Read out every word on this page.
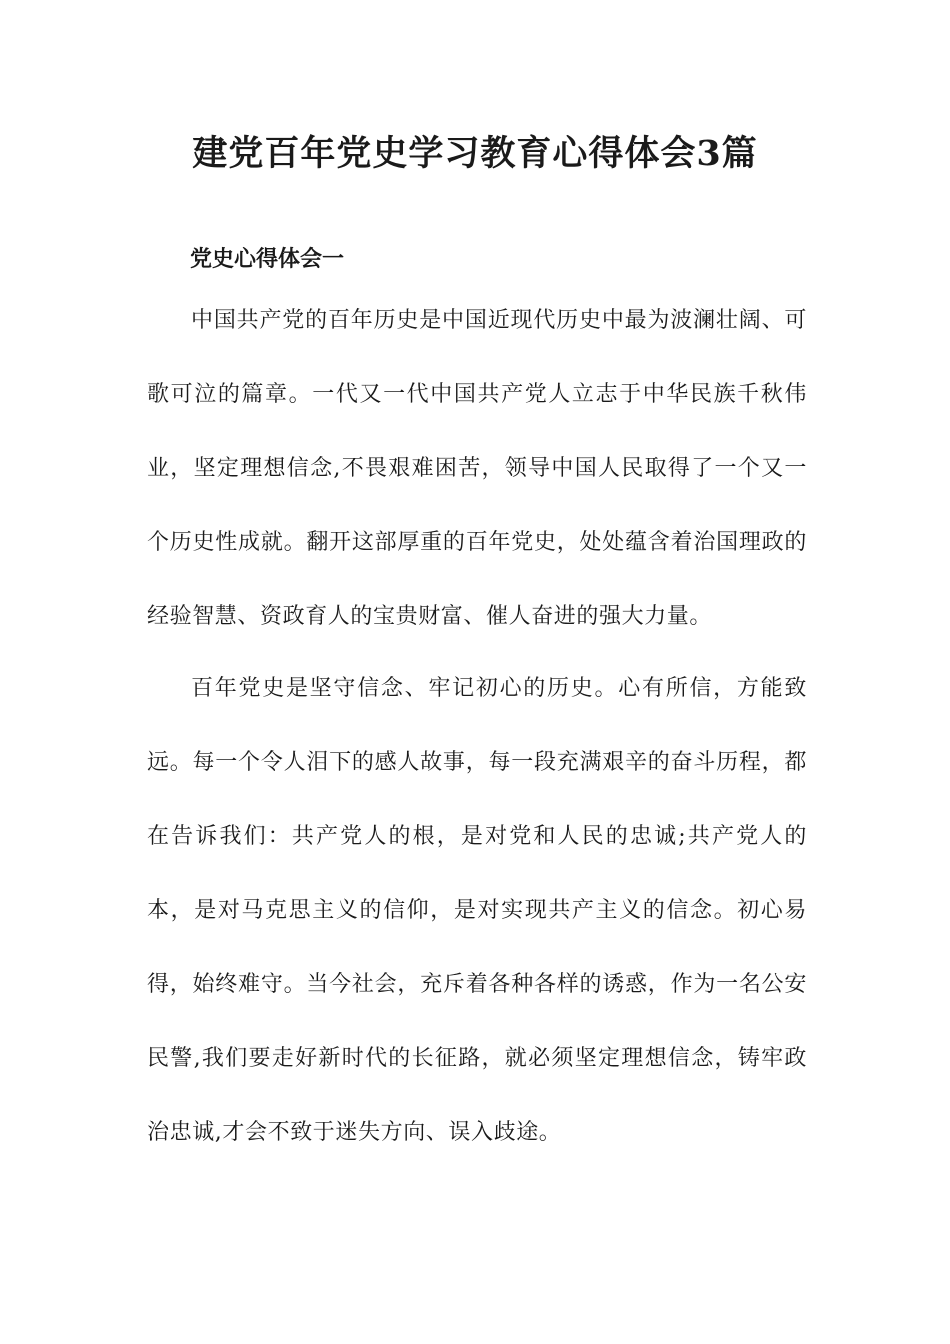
建党百年党史学习教育心得体会3篇
党史心得体会一

中国共产党的百年历史是中国近现代历史中最为波澜壮阔、可歌可泣的篇章。一代又一代中国共产党人立志于中华民族千秋伟业，坚定理想信念,不畏艰难困苦，领导中国人民取得了一个又一个历史性成就。翻开这部厚重的百年党史，处处蕴含着治国理政的经验智慧、资政育人的宝贵财富、催人奋进的强大力量。

百年党史是坚守信念、牢记初心的历史。心有所信，方能致远。每一个令人泪下的感人故事，每一段充满艰辛的奋斗历程，都在告诉我们：共产党人的根，是对党和人民的忠诚;共产党人的本，是对马克思主义的信仰，是对实现共产主义的信念。初心易得，始终难守。当今社会，充斥着各种各样的诱惑，作为一名公安民警,我们要走好新时代的长征路，就必须坚定理想信念，铸牢政治忠诚,才会不致于迷失方向、误入歧途。
